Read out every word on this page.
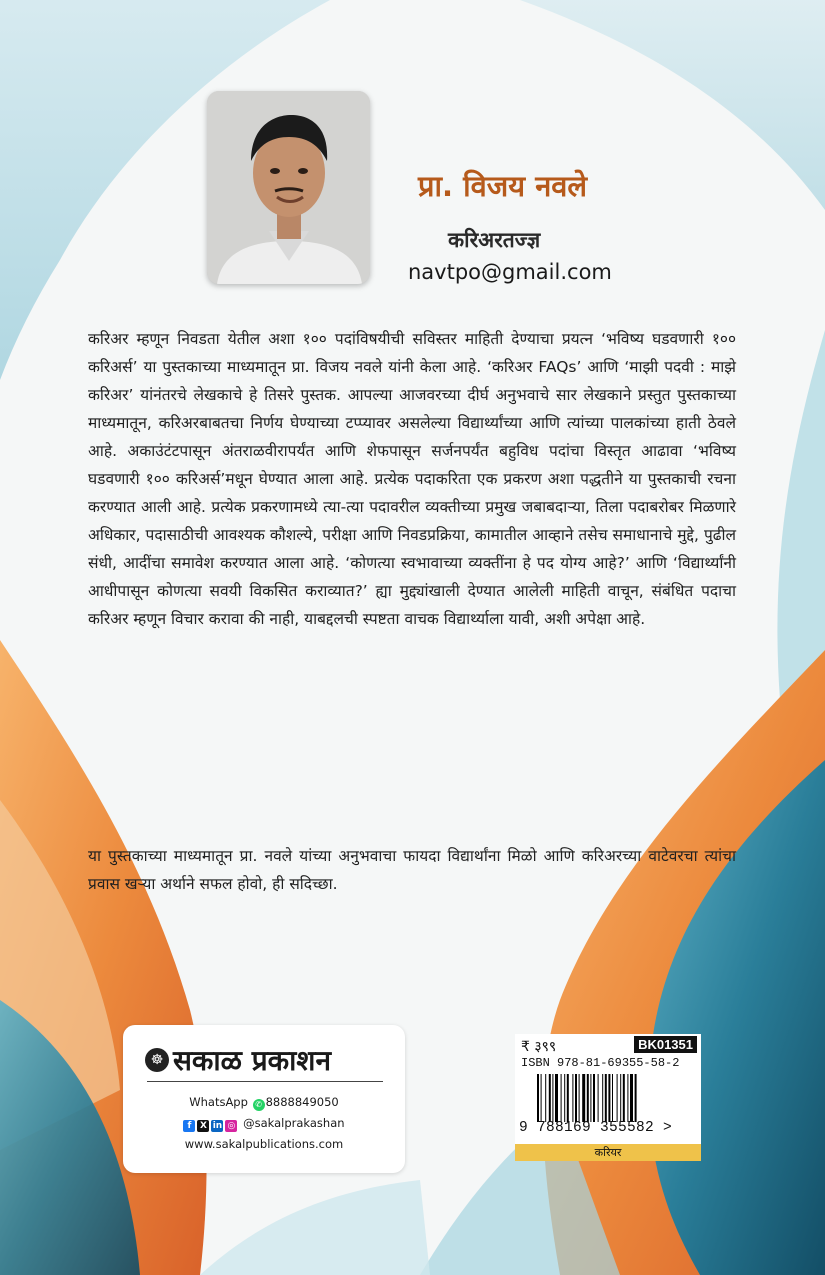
प्रा. विजय नवले
करिअरतज्ज्ञ
navtpo@gmail.com

करिअर म्हणून निवडता येतील अशा १०० पदांविषयीची सविस्तर माहिती देण्याचा प्रयत्न ‘भविष्य घडवणारी १०० करिअर्स’ या पुस्तकाच्या माध्यमातून प्रा. विजय नवले यांनी केला आहे. ‘करिअर FAQs’ आणि ‘माझी पदवी : माझे करिअर’ यांनंतरचे लेखकाचे हे तिसरे पुस्तक. आपल्या आजवरच्या दीर्घ अनुभवाचे सार लेखकाने प्रस्तुत पुस्तकाच्या माध्यमातून, करिअरबाबतचा निर्णय घेण्याच्या टप्प्यावर असलेल्या विद्यार्थ्यांच्या आणि त्यांच्या पालकांच्या हाती ठेवले आहे. अकाउंटंटपासून अंतराळवीरापर्यंत आणि शेफपासून सर्जनपर्यंत बहुविध पदांचा विस्तृत आढावा ‘भविष्य घडवणारी १०० करिअर्स’मधून घेण्यात आला आहे. प्रत्येक पदाकरिता एक प्रकरण अशा पद्धतीने या पुस्तकाची रचना करण्यात आली आहे. प्रत्येक प्रकरणामध्ये त्या-त्या पदावरील व्यक्तीच्या प्रमुख जबाबदाऱ्या, तिला पदाबरोबर मिळणारे अधिकार, पदासाठीची आवश्यक कौशल्ये, परीक्षा आणि निवडप्रक्रिया, कामातील आव्हाने तसेच समाधानाचे मुद्दे, पुढील संधी, आदींचा समावेश करण्यात आला आहे. ‘कोणत्या स्वभावाच्या व्यक्तींना हे पद योग्य आहे?’ आणि ‘विद्यार्थ्यांनी आधीपासून कोणत्या सवयी विकसित कराव्यात?’ ह्या मुद्द्यांखाली देण्यात आलेली माहिती वाचून, संबंधित पदाचा करिअर म्हणून विचार करावा की नाही, याबद्दलची स्पष्टता वाचक विद्यार्थ्याला यावी, अशी अपेक्षा आहे.

या पुस्तकाच्या माध्यमातून प्रा. नवले यांच्या अनुभवाचा फायदा विद्यार्थांना मिळो आणि करिअरच्या वाटेवरचा त्यांचा प्रवास खऱ्या अर्थाने सफल होवो, ही सदिच्छा.

☸ सकाळ प्रकाशन
WhatsApp ✆ 8888849050
f X in ◎ @sakalprakashan
www.sakalpublications.com
₹ ३९९	BK01351
ISBN 978-81-69355-58-2
9 788169 355582 >
करियर
